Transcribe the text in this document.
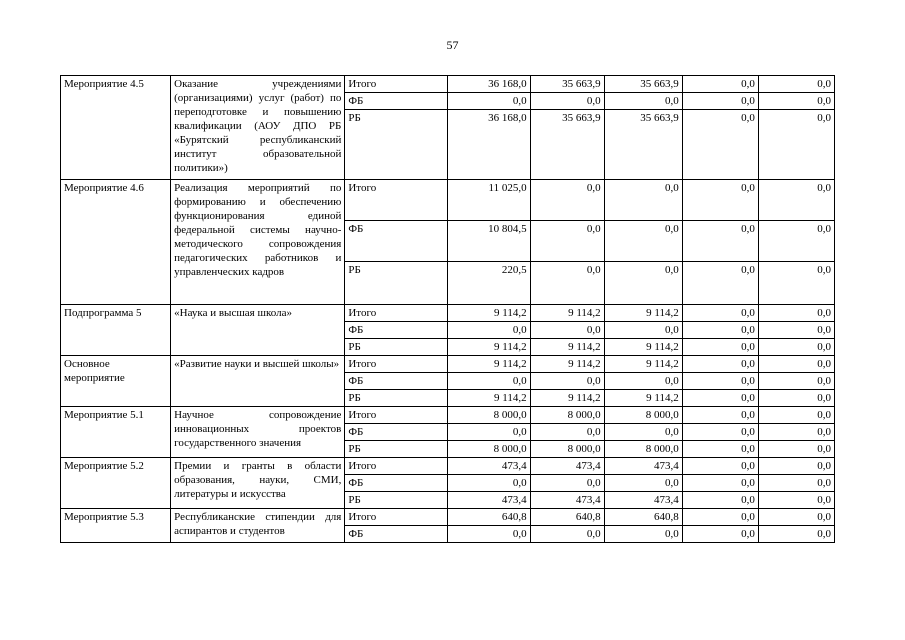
57
Мероприятие 4.5	Оказание учреждениями (организациями) услуг (работ) по переподготовке и повышению квалификации (АОУ ДПО РБ «Бурятский республиканский институт образовательной политики»)	Итого	36 168,0	35 663,9	35 663,9	0,0	0,0
		ФБ	0,0	0,0	0,0	0,0	0,0
		РБ	36 168,0	35 663,9	35 663,9	0,0	0,0
Мероприятие 4.6	Реализация мероприятий по формированию и обеспечению функционирования единой федеральной системы научно-методического сопровождения педагогических работников и управленческих кадров	Итого	11 025,0	0,0	0,0	0,0	0,0
		ФБ	10 804,5	0,0	0,0	0,0	0,0
		РБ	220,5	0,0	0,0	0,0	0,0
Подпрограмма 5	«Наука и высшая школа»	Итого	9 114,2	9 114,2	9 114,2	0,0	0,0
		ФБ	0,0	0,0	0,0	0,0	0,0
		РБ	9 114,2	9 114,2	9 114,2	0,0	0,0
Основное мероприятие	«Развитие науки и высшей школы»	Итого	9 114,2	9 114,2	9 114,2	0,0	0,0
		ФБ	0,0	0,0	0,0	0,0	0,0
		РБ	9 114,2	9 114,2	9 114,2	0,0	0,0
Мероприятие 5.1	Научное сопровождение инновационных проектов государственного значения	Итого	8 000,0	8 000,0	8 000,0	0,0	0,0
		ФБ	0,0	0,0	0,0	0,0	0,0
		РБ	8 000,0	8 000,0	8 000,0	0,0	0,0
Мероприятие 5.2	Премии и гранты в области образования, науки, СМИ, литературы и искусства	Итого	473,4	473,4	473,4	0,0	0,0
		ФБ	0,0	0,0	0,0	0,0	0,0
		РБ	473,4	473,4	473,4	0,0	0,0
Мероприятие 5.3	Республиканские стипендии для аспирантов и студентов	Итого	640,8	640,8	640,8	0,0	0,0
		ФБ	0,0	0,0	0,0	0,0	0,0
